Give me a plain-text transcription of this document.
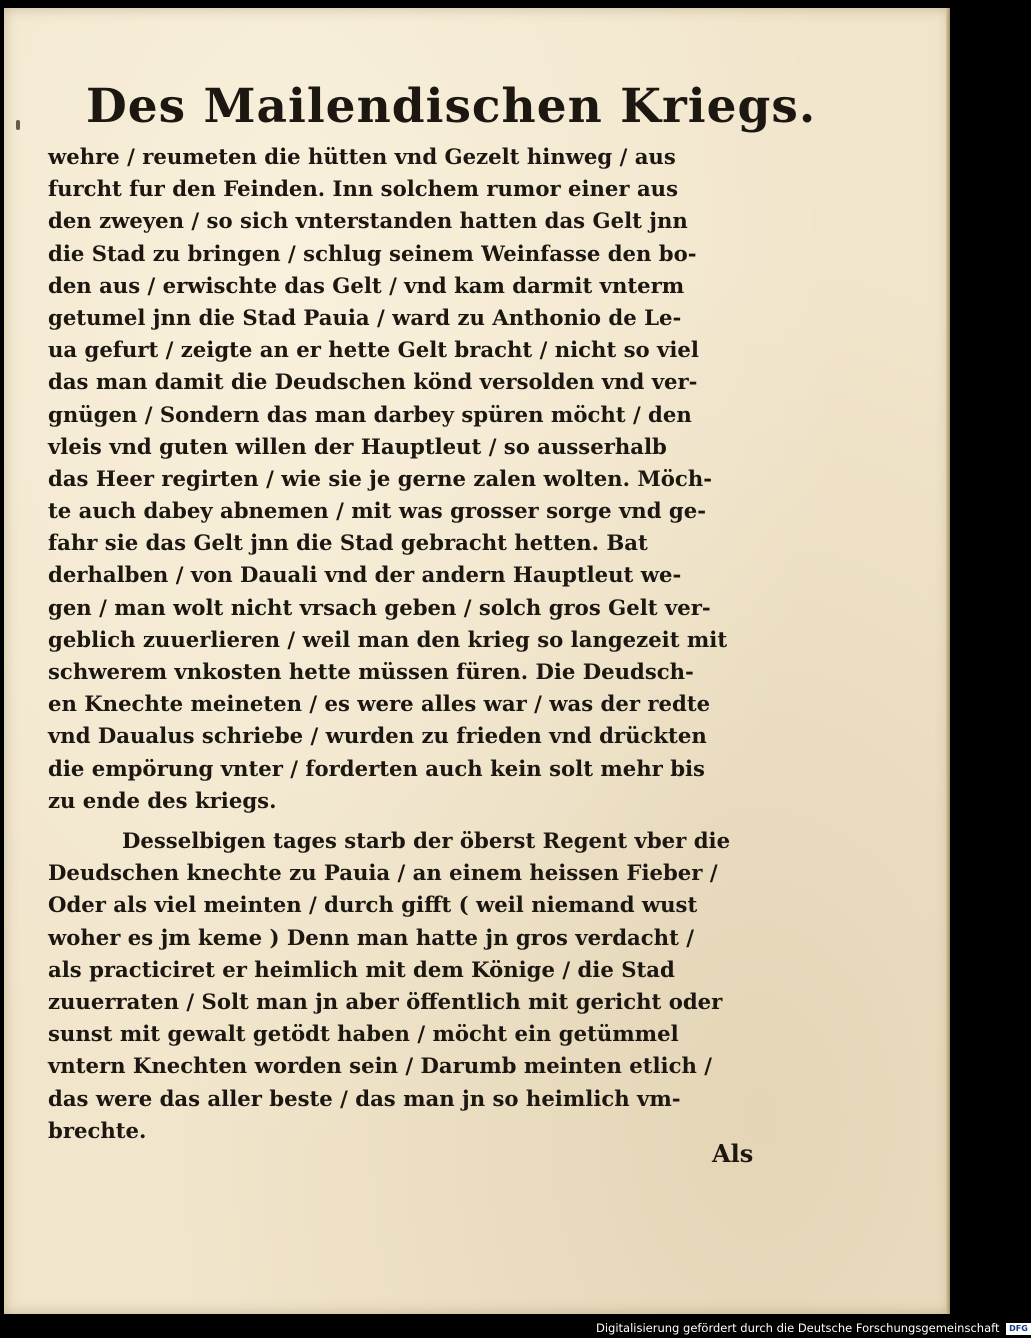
Des Mailendischen Kriegs.
wehre / reumeten die hütten vnd Gezelt hinweg / aus
furcht fur den Feinden. Inn solchem rumor einer aus
den zweyen / so sich vnterstanden hatten das Gelt jnn
die Stad zu bringen / schlug seinem Weinfasse den bo-
den aus / erwischte das Gelt / vnd kam darmit vnterm
getumel jnn die Stad Pauia / ward zu Anthonio de Le-
ua gefurt / zeigte an er hette Gelt bracht / nicht so viel
das man damit die Deudschen könd versolden vnd ver-
gnügen / Sondern das man darbey spüren möcht / den
vleis vnd guten willen der Hauptleut / so ausserhalb
das Heer regirten / wie sie je gerne zalen wolten. Möch-
te auch dabey abnemen / mit was grosser sorge vnd ge-
fahr sie das Gelt jnn die Stad gebracht hetten. Bat
derhalben / von Dauali vnd der andern Hauptleut we-
gen / man wolt nicht vrsach geben / solch gros Gelt ver-
geblich zuuerlieren / weil man den krieg so langezeit mit
schwerem vnkosten hette müssen füren. Die Deudsch-
en Knechte meineten / es were alles war / was der redte
vnd Daualus schriebe / wurden zu frieden vnd drückten
die empörung vnter / forderten auch kein solt mehr bis
zu ende des kriegs.
Desselbigen tages starb der öberst Regent vber die
Deudschen knechte zu Pauia / an einem heissen Fieber /
Oder als viel meinten / durch gifft ( weil niemand wust
woher es jm keme ) Denn man hatte jn gros verdacht /
als practiciret er heimlich mit dem Könige / die Stad
zuuerraten / Solt man jn aber öffentlich mit gericht oder
sunst mit gewalt getödt haben / möcht ein getümmel
vntern Knechten worden sein / Darumb meinten etlich /
das were das aller beste / das man jn so heimlich vm-
brechte.
Als
Digitalisierung gefördert durch die Deutsche Forschungsgemeinschaft DFG
